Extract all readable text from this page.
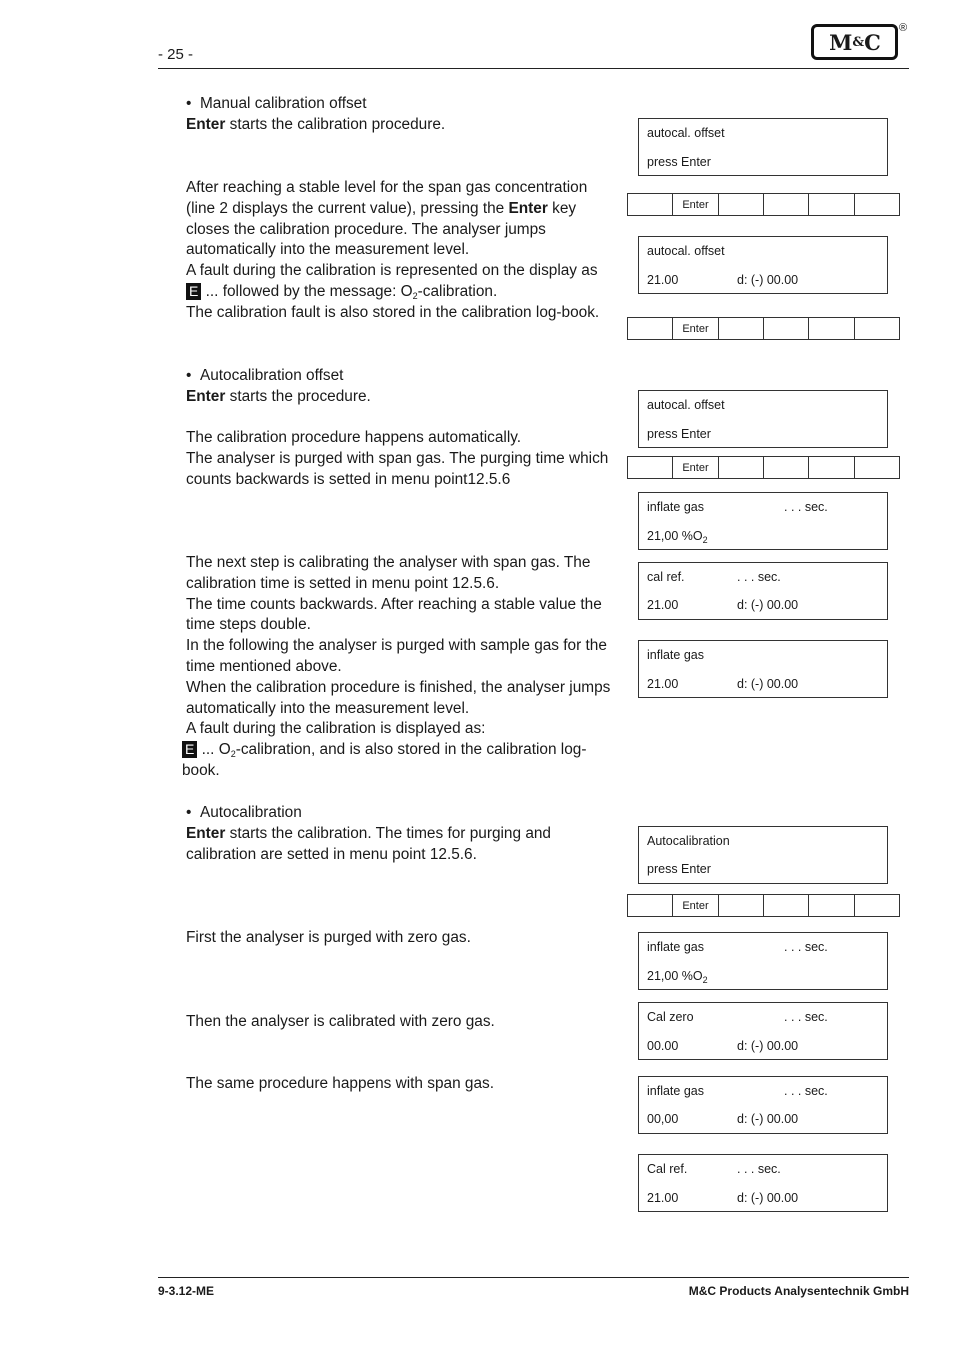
- 25 -	M & C
®

•  Manual calibration offset

Enter starts the calibration procedure.

After reaching a stable level for the span gas concentration (line 2 displays the current value), pressing the Enter key closes the calibration procedure. The analyser jumps automatically into the measurement level.

A fault during the calibration is represented on the display as E ... followed by the message: $O_2$-calibration.

The calibration fault is also stored in the calibration log-book.

•  Autocalibration offset

Enter starts the procedure.

The calibration procedure happens automatically.

The analyser is purged with span gas. The purging time which counts backwards is setted in menu point12.5.6

The next step is calibrating the analyser with span gas. The calibration time is setted in menu point 12.5.6.

The time counts backwards. After reaching a stable value the time steps double.

In the following the analyser is purged with sample gas for the time mentioned above.

When the calibration procedure is finished, the analyser jumps automatically into the measurement level.

A fault during the calibration is displayed as:

E ... $O_2$-calibration, and is also stored in the calibration log-book.

•  Autocalibration

Enter starts the calibration. The times for purging and calibration are setted in menu point 12.5.6.

First the analyser is purged with zero gas.
Then the analyser is calibrated with zero gas.
The same procedure happens with span gas.
autocal. offset
press Enter
Enter
autocal. offset
21.00	d: (-) 00.00
Enter
autocal. offset
press Enter
Enter
inflate gas	. . . sec.
21,00 $\%O_2$
cal ref.	. . . sec.
21.00	d: (-) 00.00
inflate gas
21.00	d: (-) 00.00
Autocalibration
press Enter
Enter
inflate gas	. . . sec.
21,00 $\%O_2$
Cal zero	. . . sec.
00.00	d: (-) 00.00
inflate gas	. . . sec.
00,00	d: (-) 00.00
Cal ref.	. . . sec.
21.00	d: (-) 00.00
9-3.12-ME	M&C Products Analysentechnik GmbH
